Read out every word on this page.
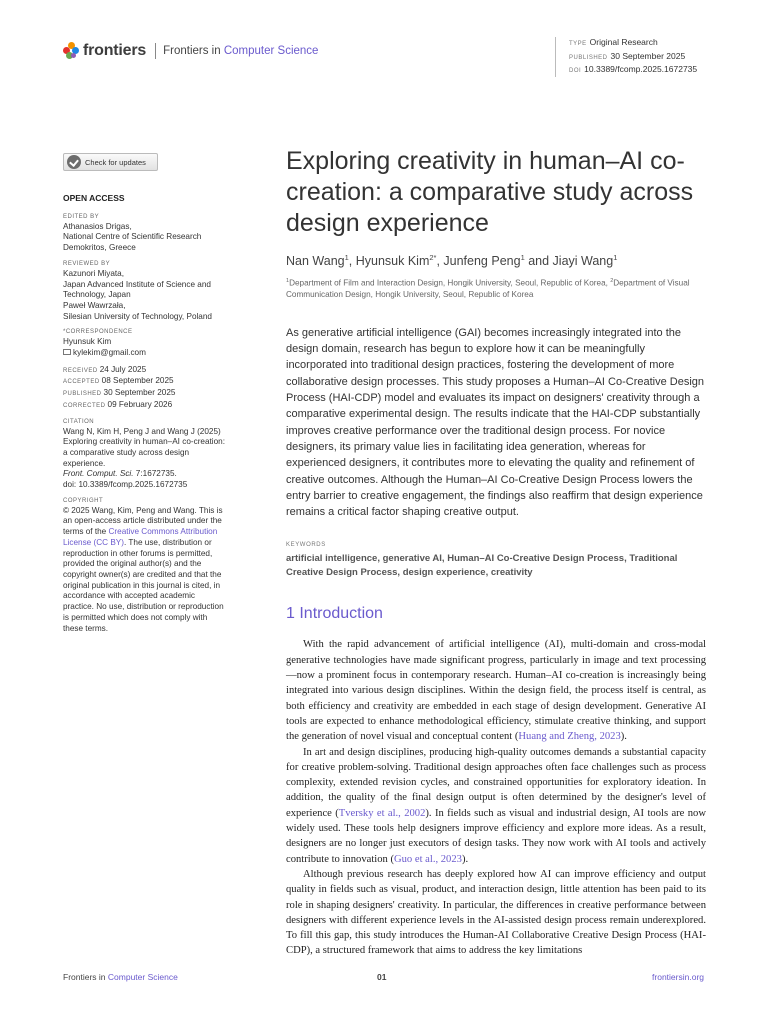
frontiers Frontiers in Computer Science
TYPE Original Research
PUBLISHED 30 September 2025
DOI 10.3389/fcomp.2025.1672735
Check for updates
OPEN ACCESS
EDITED BY
Athanasios Drigas,
National Centre of Scientific Research
Demokritos, Greece
REVIEWED BY
Kazunori Miyata,
Japan Advanced Institute of Science and
Technology, Japan
Paweł Wawrzała,
Silesian University of Technology, Poland
*CORRESPONDENCE
Hyunsuk Kim
kylekim@gmail.com
RECEIVED 24 July 2025
ACCEPTED 08 September 2025
PUBLISHED 30 September 2025
CORRECTED 09 February 2026
CITATION
Wang N, Kim H, Peng J and Wang J (2025)
Exploring creativity in human–AI co-creation:
a comparative study across design
experience.
Front. Comput. Sci. 7:1672735.
doi: 10.3389/fcomp.2025.1672735
COPYRIGHT
© 2025 Wang, Kim, Peng and Wang. This is
an open-access article distributed under the
terms of the Creative Commons Attribution
License (CC BY). The use, distribution or
reproduction in other forums is permitted,
provided the original author(s) and the
copyright owner(s) are credited and that the
original publication in this journal is cited, in
accordance with accepted academic
practice. No use, distribution or reproduction
is permitted which does not comply with
these terms.
Exploring creativity in human–AI co-creation: a comparative study across design experience
Nan Wang$^1$, Hyunsuk Kim$^{2*}$, Junfeng Peng$^1$ and Jiayi Wang$^1$
$^1$Department of Film and Interaction Design, Hongik University, Seoul, Republic of Korea, $^2$Department of Visual Communication Design, Hongik University, Seoul, Republic of Korea
As generative artificial intelligence (GAI) becomes increasingly integrated into the design domain, research has begun to explore how it can be meaningfully incorporated into traditional design practices, fostering the development of more collaborative design processes. This study proposes a Human–AI Co-Creative Design Process (HAI-CDP) model and evaluates its impact on designers' creativity through a comparative experimental design. The results indicate that the HAI-CDP substantially improves creative performance over the traditional design process. For novice designers, its primary value lies in facilitating idea generation, whereas for experienced designers, it contributes more to elevating the quality and refinement of creative outcomes. Although the Human–AI Co-Creative Design Process lowers the entry barrier to creative engagement, the findings also reaffirm that design experience remains a critical factor shaping creative output.
KEYWORDS
artificial intelligence, generative AI, Human–AI Co-Creative Design Process, Traditional Creative Design Process, design experience, creativity
1 Introduction

With the rapid advancement of artificial intelligence (AI), multi-domain and cross-modal generative technologies have made significant progress, particularly in image and text processing—now a prominent focus in contemporary research. Human–AI co-creation is increasingly being integrated into various design disciplines. Within the design field, the process itself is central, as both efficiency and creativity are embedded in each stage of design development. Generative AI tools are expected to enhance methodological efficiency, stimulate creative thinking, and support the generation of novel visual and conceptual content (Huang and Zheng, 2023).

In art and design disciplines, producing high-quality outcomes demands a substantial capacity for creative problem-solving. Traditional design approaches often face challenges such as process complexity, extended revision cycles, and constrained opportunities for exploratory ideation. In addition, the quality of the final design output is often determined by the designer's level of experience (Tversky et al., 2002). In fields such as visual and industrial design, AI tools are now widely used. These tools help designers improve efficiency and explore more ideas. As a result, designers are no longer just executors of design tasks. They now work with AI tools and actively contribute to innovation (Guo et al., 2023).

Although previous research has deeply explored how AI can improve efficiency and output quality in fields such as visual, product, and interaction design, little attention has been paid to its role in shaping designers' creativity. In particular, the differences in creative performance between designers with different experience levels in the AI-assisted design process remain underexplored. To fill this gap, this study introduces the Human-AI Collaborative Creative Design Process (HAI-CDP), a structured framework that aims to address the key limitations

Frontiers in Computer Science	01	frontiersin.org
